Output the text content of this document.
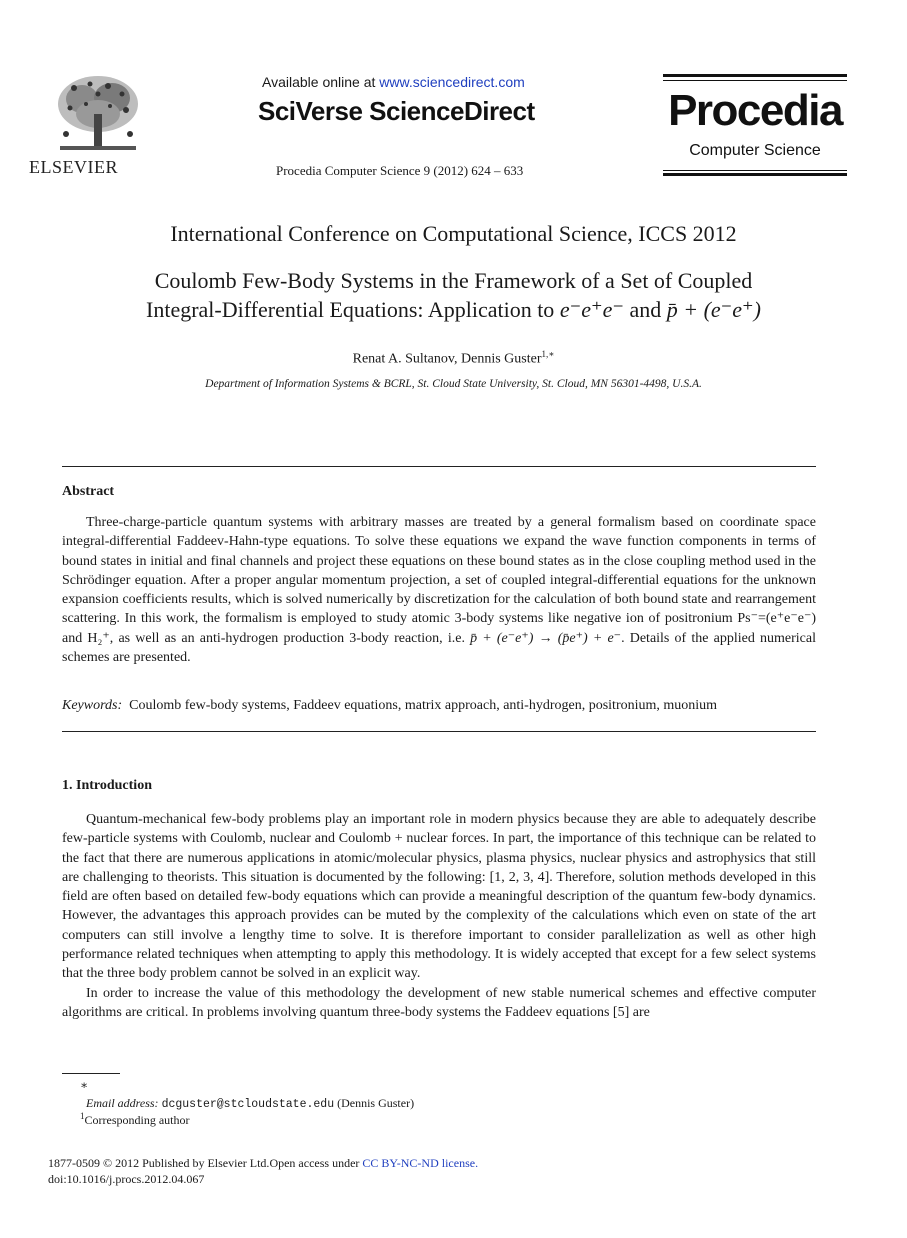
ELSEVIER
Available online at www.sciencedirect.com
SciVerse ScienceDirect
Procedia Computer Science 9 (2012) 624 – 633
Procedia
Computer Science
International Conference on Computational Science, ICCS 2012
Coulomb Few-Body Systems in the Framework of a Set of Coupled
Integral-Differential Equations: Application to e⁻e⁺e⁻ and p̄ + (e⁻e⁺)
Renat A. Sultanov, Dennis Guster$^{1,∗}$
Department of Information Systems & BCRL, St. Cloud State University, St. Cloud, MN 56301-4498, U.S.A.
Abstract

Three-charge-particle quantum systems with arbitrary masses are treated by a general formalism based on coordinate space integral-differential Faddeev-Hahn-type equations. To solve these equations we expand the wave function components in terms of bound states in initial and final channels and project these equations on these bound states as in the close coupling method used in the Schrödinger equation. After a proper angular momentum projection, a set of coupled integral-differential equations for the unknown expansion coefficients results, which is solved numerically by discretization for the calculation of both bound state and rearrangement scattering. In this work, the formalism is employed to study atomic 3-body systems like negative ion of positronium Ps⁻=(e⁺e⁻e⁻) and H₂⁺, as well as an anti-hydrogen production 3-body reaction, i.e. p̄ + (e⁻e⁺) → (p̄e⁺) + e⁻. Details of the applied numerical schemes are presented.

Keywords: Coulomb few-body systems, Faddeev equations, matrix approach, anti-hydrogen, positronium, muonium
1. Introduction

Quantum-mechanical few-body problems play an important role in modern physics because they are able to adequately describe few-particle systems with Coulomb, nuclear and Coulomb + nuclear forces. In part, the importance of this technique can be related to the fact that there are numerous applications in atomic/molecular physics, plasma physics, nuclear physics and astrophysics that still are challenging to theorists. This situation is documented by the following: [1, 2, 3, 4]. Therefore, solution methods developed in this field are often based on detailed few-body equations which can provide a meaningful description of the quantum few-body dynamics. However, the advantages this approach provides can be muted by the complexity of the calculations which even on state of the art computers can still involve a lengthy time to solve. It is therefore important to consider parallelization as well as other high performance related techniques when attempting to apply this methodology. It is widely accepted that except for a few select systems that the three body problem cannot be solved in an explicit way.

In order to increase the value of this methodology the development of new stable numerical schemes and effective computer algorithms are critical. In problems involving quantum three-body systems the Faddeev equations [5] are

∗
Email address: dcguster@stcloudstate.edu (Dennis Guster)
$^1$Corresponding author
1877-0509 © 2012 Published by Elsevier Ltd.Open access under CC BY-NC-ND license.
doi:10.1016/j.procs.2012.04.067
